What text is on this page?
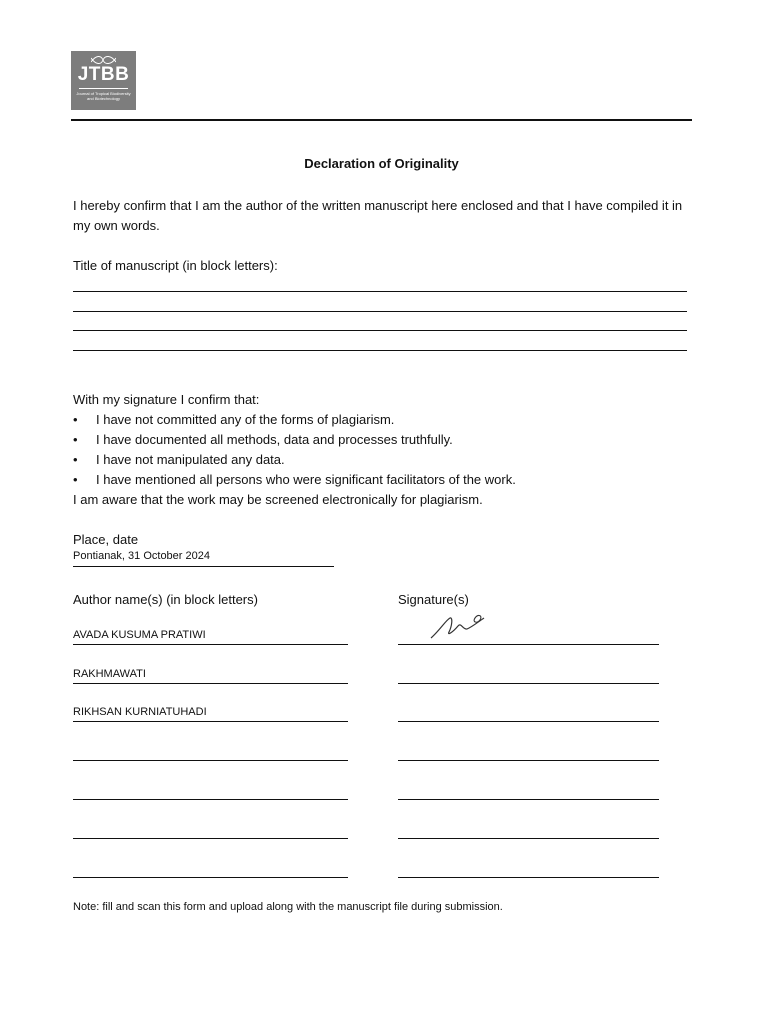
JTBB
Journal of Tropical Biodiversity and Biotechnology
Declaration of Originality
I hereby confirm that I am the author of the written manuscript here enclosed and that I have compiled it in my own words.
Title of manuscript (in block letters):
With my signature I confirm that:
• I have not committed any of the forms of plagiarism.
• I have documented all methods, data and processes truthfully.
• I have not manipulated any data.
• I have mentioned all persons who were significant facilitators of the work.
I am aware that the work may be screened electronically for plagiarism.
Place, date
Pontianak, 31 October 2024
Author name(s) (in block letters)	Signature(s)
AVADA KUSUMA PRATIWI
RAKHMAWATI
RIKHSAN KURNIATUHADI
Note: fill and scan this form and upload along with the manuscript file during submission.
